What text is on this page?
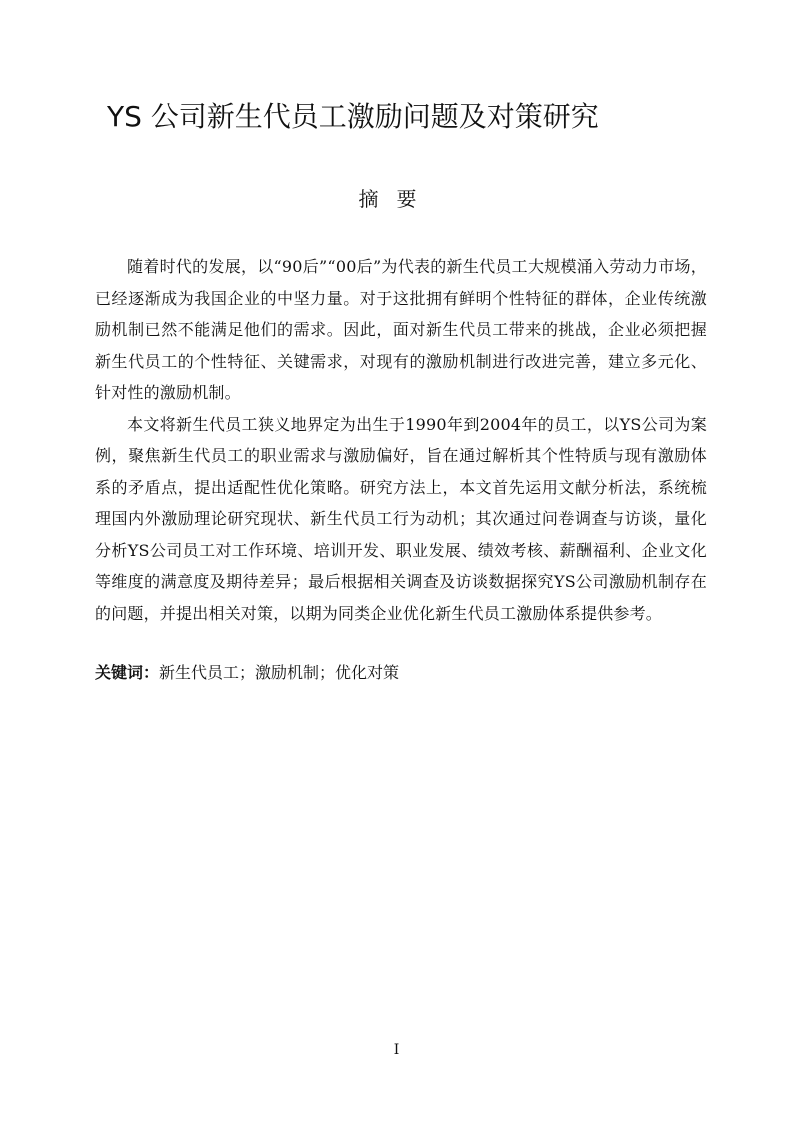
YS 公司新生代员工激励问题及对策研究
摘要

随着时代的发展，以“90后”“00后”为代表的新生代员工大规模涌入劳动力市场，已经逐渐成为我国企业的中坚力量。对于这批拥有鲜明个性特征的群体，企业传统激励机制已然不能满足他们的需求。因此，面对新生代员工带来的挑战，企业必须把握新生代员工的个性特征、关键需求，对现有的激励机制进行改进完善，建立多元化、针对性的激励机制。

本文将新生代员工狭义地界定为出生于1990年到2004年的员工，以YS公司为案例，聚焦新生代员工的职业需求与激励偏好，旨在通过解析其个性特质与现有激励体系的矛盾点，提出适配性优化策略。研究方法上，本文首先运用文献分析法，系统梳理国内外激励理论研究现状、新生代员工行为动机；其次通过问卷调查与访谈，量化分析YS公司员工对工作环境、培训开发、职业发展、绩效考核、薪酬福利、企业文化等维度的满意度及期待差异；最后根据相关调查及访谈数据探究YS公司激励机制存在的问题，并提出相关对策，以期为同类企业优化新生代员工激励体系提供参考。

关键词：新生代员工；激励机制；优化对策

I
